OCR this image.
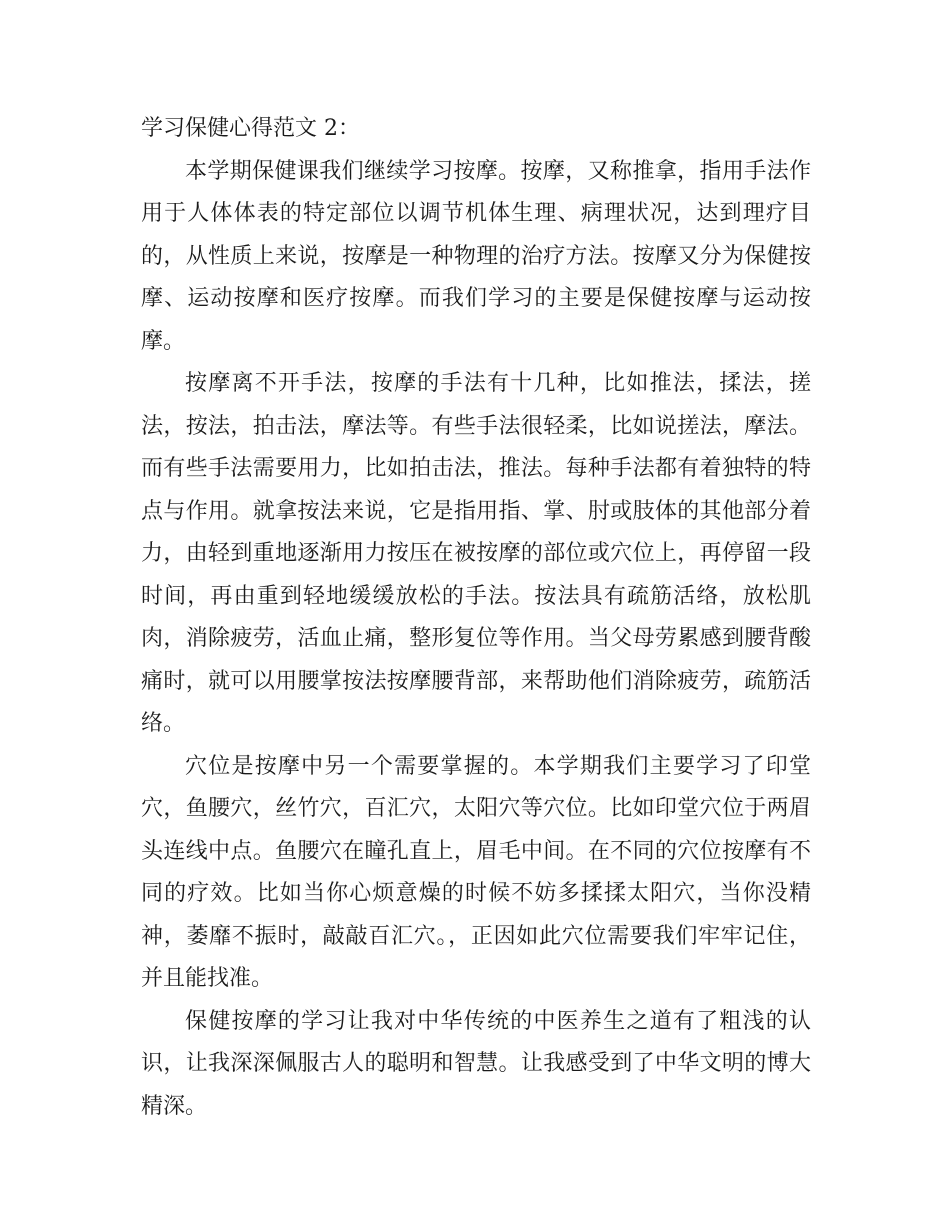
学习保健心得范文 2：

本学期保健课我们继续学习按摩。按摩，又称推拿，指用手法作用于人体体表的特定部位以调节机体生理、病理状况，达到理疗目的，从性质上来说，按摩是一种物理的治疗方法。按摩又分为保健按摩、运动按摩和医疗按摩。而我们学习的主要是保健按摩与运动按摩。

按摩离不开手法，按摩的手法有十几种，比如推法，揉法，搓法，按法，拍击法，摩法等。有些手法很轻柔，比如说搓法，摩法。而有些手法需要用力，比如拍击法，推法。每种手法都有着独特的特点与作用。就拿按法来说，它是指用指、掌、肘或肢体的其他部分着力，由轻到重地逐渐用力按压在被按摩的部位或穴位上，再停留一段时间，再由重到轻地缓缓放松的手法。按法具有疏筋活络，放松肌肉，消除疲劳，活血止痛，整形复位等作用。当父母劳累感到腰背酸痛时，就可以用腰掌按法按摩腰背部，来帮助他们消除疲劳，疏筋活络。

穴位是按摩中另一个需要掌握的。本学期我们主要学习了印堂穴，鱼腰穴，丝竹穴，百汇穴，太阳穴等穴位。比如印堂穴位于两眉头连线中点。鱼腰穴在瞳孔直上，眉毛中间。在不同的穴位按摩有不同的疗效。比如当你心烦意燥的时候不妨多揉揉太阳穴，当你没精神，萎靡不振时，敲敲百汇穴。，正因如此穴位需要我们牢牢记住，并且能找准。

保健按摩的学习让我对中华传统的中医养生之道有了粗浅的认识，让我深深佩服古人的聪明和智慧。让我感受到了中华文明的博大精深。
